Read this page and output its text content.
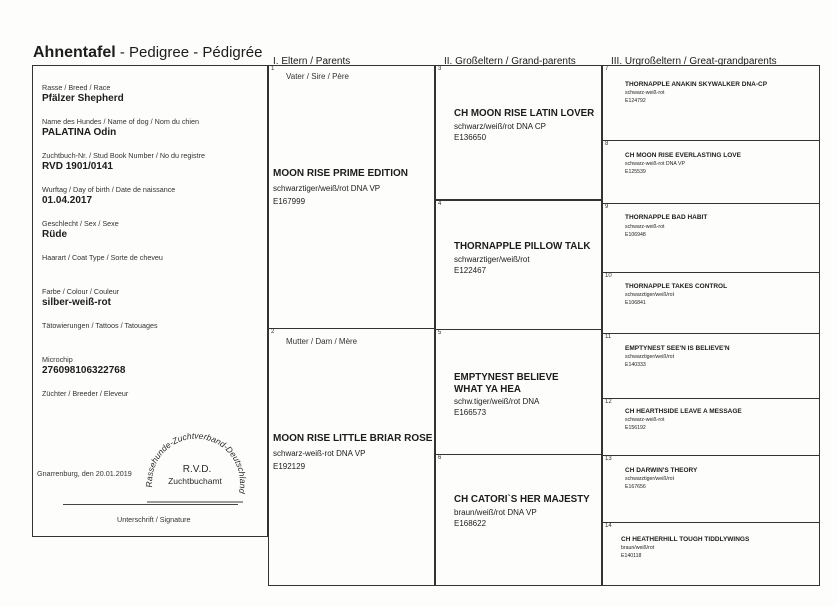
Ahnentafel - Pedigree - Pédigrée
I. Eltern / Parents	II. Großeltern / Grand-parents	III. Urgroßeltern / Great-grandparents
Rasse / Breed / Race
Pfälzer Shepherd
Name des Hundes / Name of dog / Nom du chien
PALATINA Odin
Zuchtbuch-Nr. / Stud Book Number / No du registre
RVD 1901/0141
Wurftag / Day of birth / Date de naissance
01.04.2017
Geschlecht / Sex / Sexe
Rüde
Haarart / Coat Type / Sorte de cheveu
Farbe / Colour / Couleur
silber-weiß-rot
Tätowierungen / Tattoos / Tatouages
Microchip
276098106322768
Züchter / Breeder / Eleveur
Gnarrenburg, den 20.01.2019
Rassehunde-Zuchtverband-Deutschland
R.V.D.
Zuchtbuchamt
Unterschrift / Signature
1
Vater / Sire / Père
MOON RISE PRIME EDITION
schwarztiger/weiß/rot DNA VP
E167999
2
Mutter / Dam / Mère
MOON RISE LITTLE BRIAR ROSE
schwarz-weiß-rot DNA VP
E192129
3
CH MOON RISE LATIN LOVER
schwarz/weiß/rot DNA CP
E136650
4
THORNAPPLE PILLOW TALK
schwarztiger/weiß/rot
E122467
5
EMPTYNEST BELIEVE
WHAT YA HEA
schw.tiger/weiß/rot DNA
E166573
6
CH CATORI`S HER MAJESTY
braun/weiß/rot DNA VP
E168622
7
THORNAPPLE ANAKIN SKYWALKER DNA-CP
schwarz-weiß-rot
E124792
8
CH MOON RISE EVERLASTING LOVE
schwarz-weiß-rot DNA VP
E125539
9
THORNAPPLE BAD HABIT
schwarz-weiß-rot
E106948
10
THORNAPPLE TAKES CONTROL
schwarztiger/weiß/rot
E106841
11
EMPTYNEST SEE'N IS BELIEVE'N
schwarztiger/weiß/rot
E140333
12
CH HEARTHSIDE LEAVE A MESSAGE
schwarz-weiß-rot
E156192
13
CH DARWIN'S THEORY
schwarztiger/weiß/rot
E167656
14
CH HEATHERHILL TOUGH TIDDLYWINGS
braun/weiß/rot
E140118
